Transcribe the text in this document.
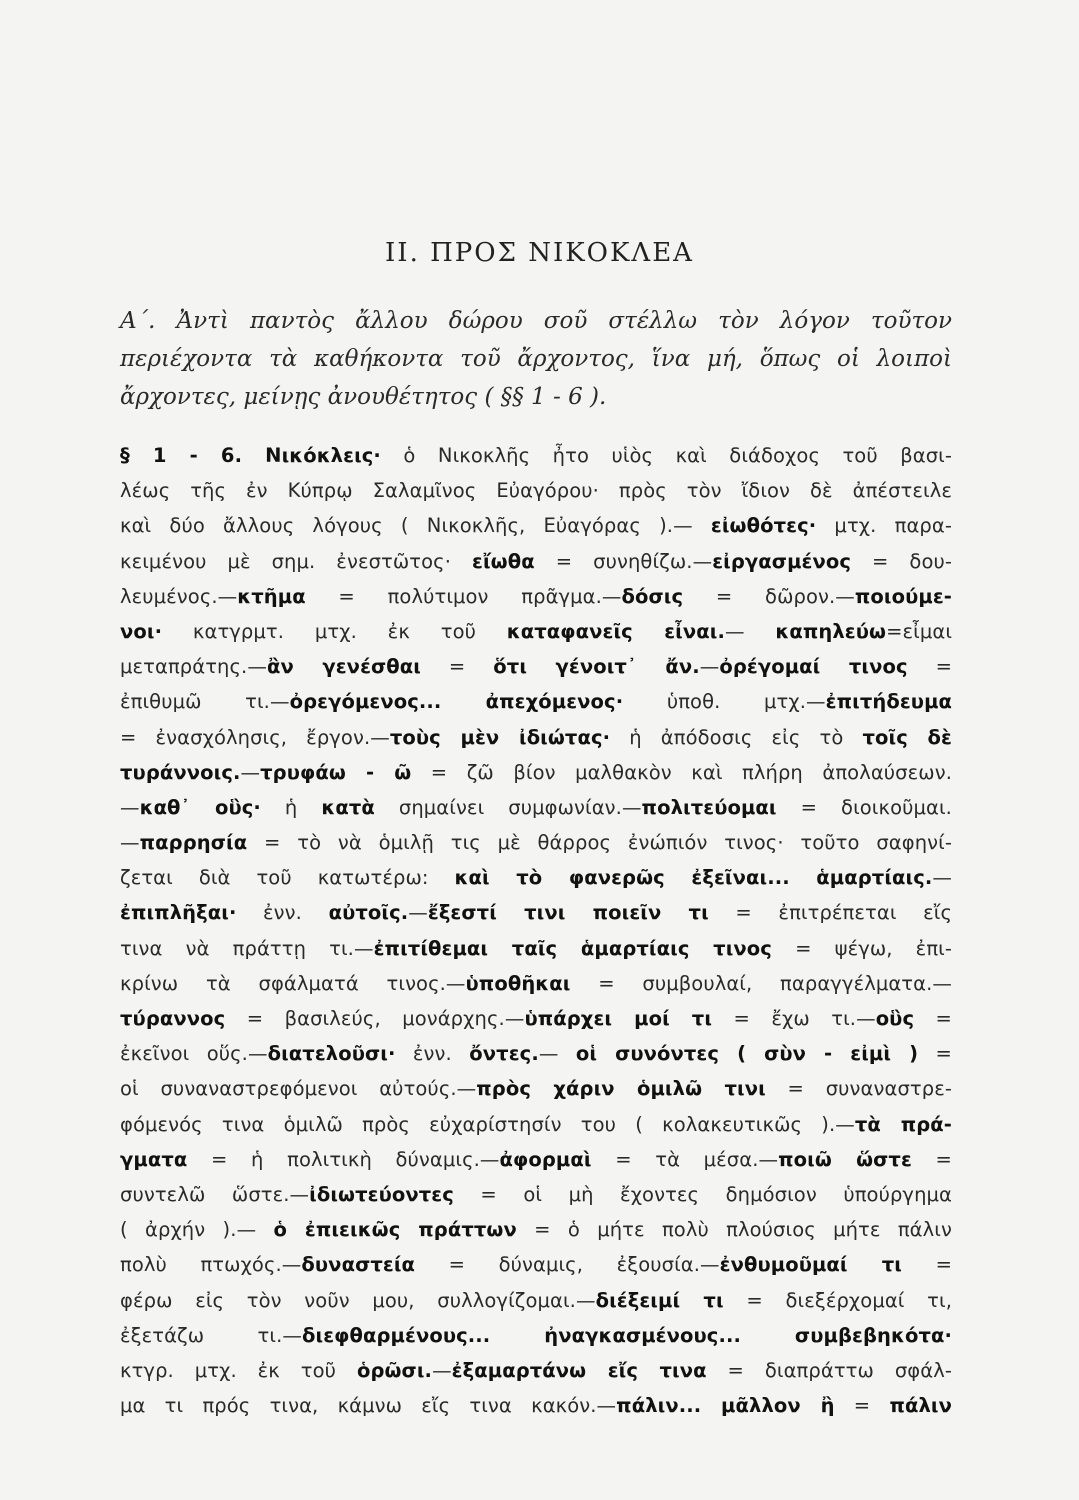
II. ΠΡΟΣ ΝΙΚΟΚΛΕΑ
Α΄. Ἀντὶ παντὸς ἄλλου δώρου σοῦ στέλλω τὸν λόγον τοῦτον περιέχοντα τὰ καθήκοντα τοῦ ἄρχοντος, ἵνα μή, ὅπως οἱ λοιποὶ ἄρχοντες, μείνῃς ἀνουθέτητος ( §§ 1 - 6 ).
§ 1 - 6. Νικόκλεις· ὁ Νικοκλῆς ἦτο υἱὸς καὶ διάδοχος τοῦ βασι-
λέως τῆς ἐν Κύπρῳ Σαλαμῖνος Εὐαγόρου· πρὸς τὸν ἴδιον δὲ ἀπέστειλε
καὶ δύο ἄλλους λόγους ( Νικοκλῆς, Εὐαγόρας ).— εἰωθότες· μτχ. παρα-
κειμένου μὲ σημ. ἐνεστῶτος· εἴωθα = συνηθίζω.—εἰργασμένος = δου-
λευμένος.—κτῆμα = πολύτιμον πρᾶγμα.—δόσις = δῶρον.—ποιούμε-
νοι· κατγρμτ. μτχ. ἐκ τοῦ καταφανεῖς εἶναι.— καπηλεύω=εἶμαι
μεταπράτης.—ἂν γενέσθαι = ὅτι γένοιτ᾿ ἄν.—ὀρέγομαί τινος =
ἐπιθυμῶ τι.—ὀρεγόμενος... ἀπεχόμενος· ὑποθ. μτχ.—ἐπιτήδευμα
= ἐνασχόλησις, ἔργον.—τοὺς μὲν ἰδιώτας· ἡ ἀπόδοσις εἰς τὸ τοῖς δὲ
τυράννοις.—τρυφάω - ῶ = ζῶ βίον μαλθακὸν καὶ πλήρη ἀπολαύσεων.
—καθ᾿ οὓς· ἡ κατὰ σημαίνει συμφωνίαν.—πολιτεύομαι = διοικοῦμαι.
—παρρησία = τὸ νὰ ὁμιλῇ τις μὲ θάρρος ἐνώπιόν τινος· τοῦτο σαφηνί-
ζεται διὰ τοῦ κατωτέρω: καὶ τὸ φανερῶς ἐξεῖναι... ἁμαρτίαις.—
ἐπιπλῆξαι· ἐνν. αὐτοῖς.—ἔξεστί τινι ποιεῖν τι = ἐπιτρέπεται εἴς
τινα νὰ πράττῃ τι.—ἐπιτίθεμαι ταῖς ἁμαρτίαις τινος = ψέγω, ἐπι-
κρίνω τὰ σφάλματά τινος.—ὑποθῆκαι = συμβουλαί, παραγγέλματα.—
τύραννος = βασιλεύς, μονάρχης.—ὑπάρχει μοί τι = ἔχω τι.—οὓς =
ἐκεῖνοι οὕς.—διατελοῦσι· ἐνν. ὄντες.— οἱ συνόντες ( σὺν - εἰμὶ ) =
οἱ συναναστρεφόμενοι αὐτούς.—πρὸς χάριν ὁμιλῶ τινι = συναναστρε-
φόμενός τινα ὁμιλῶ πρὸς εὐχαρίστησίν του ( κολακευτικῶς ).—τὰ πρά-
γματα = ἡ πολιτικὴ δύναμις.—ἀφορμαὶ = τὰ μέσα.—ποιῶ ὥστε =
συντελῶ ὥστε.—ἰδιωτεύοντες = οἱ μὴ ἔχοντες δημόσιον ὑπούργημα
( ἀρχήν ).— ὁ ἐπιεικῶς πράττων = ὁ μήτε πολὺ πλούσιος μήτε πάλιν
πολὺ πτωχός.—δυναστεία = δύναμις, ἐξουσία.—ἐνθυμοῦμαί τι =
φέρω εἰς τὸν νοῦν μου, συλλογίζομαι.—διέξειμί τι = διεξέρχομαί τι,
ἐξετάζω τι.—διεφθαρμένους... ἠναγκασμένους... συμβεβηκότα·
κτγρ. μτχ. ἐκ τοῦ ὁρῶσι.—ἐξαμαρτάνω εἴς τινα = διαπράττω σφάλ-
μα τι πρός τινα, κάμνω εἴς τινα κακόν.—πάλιν... μᾶλλον ἢ = πάλιν
